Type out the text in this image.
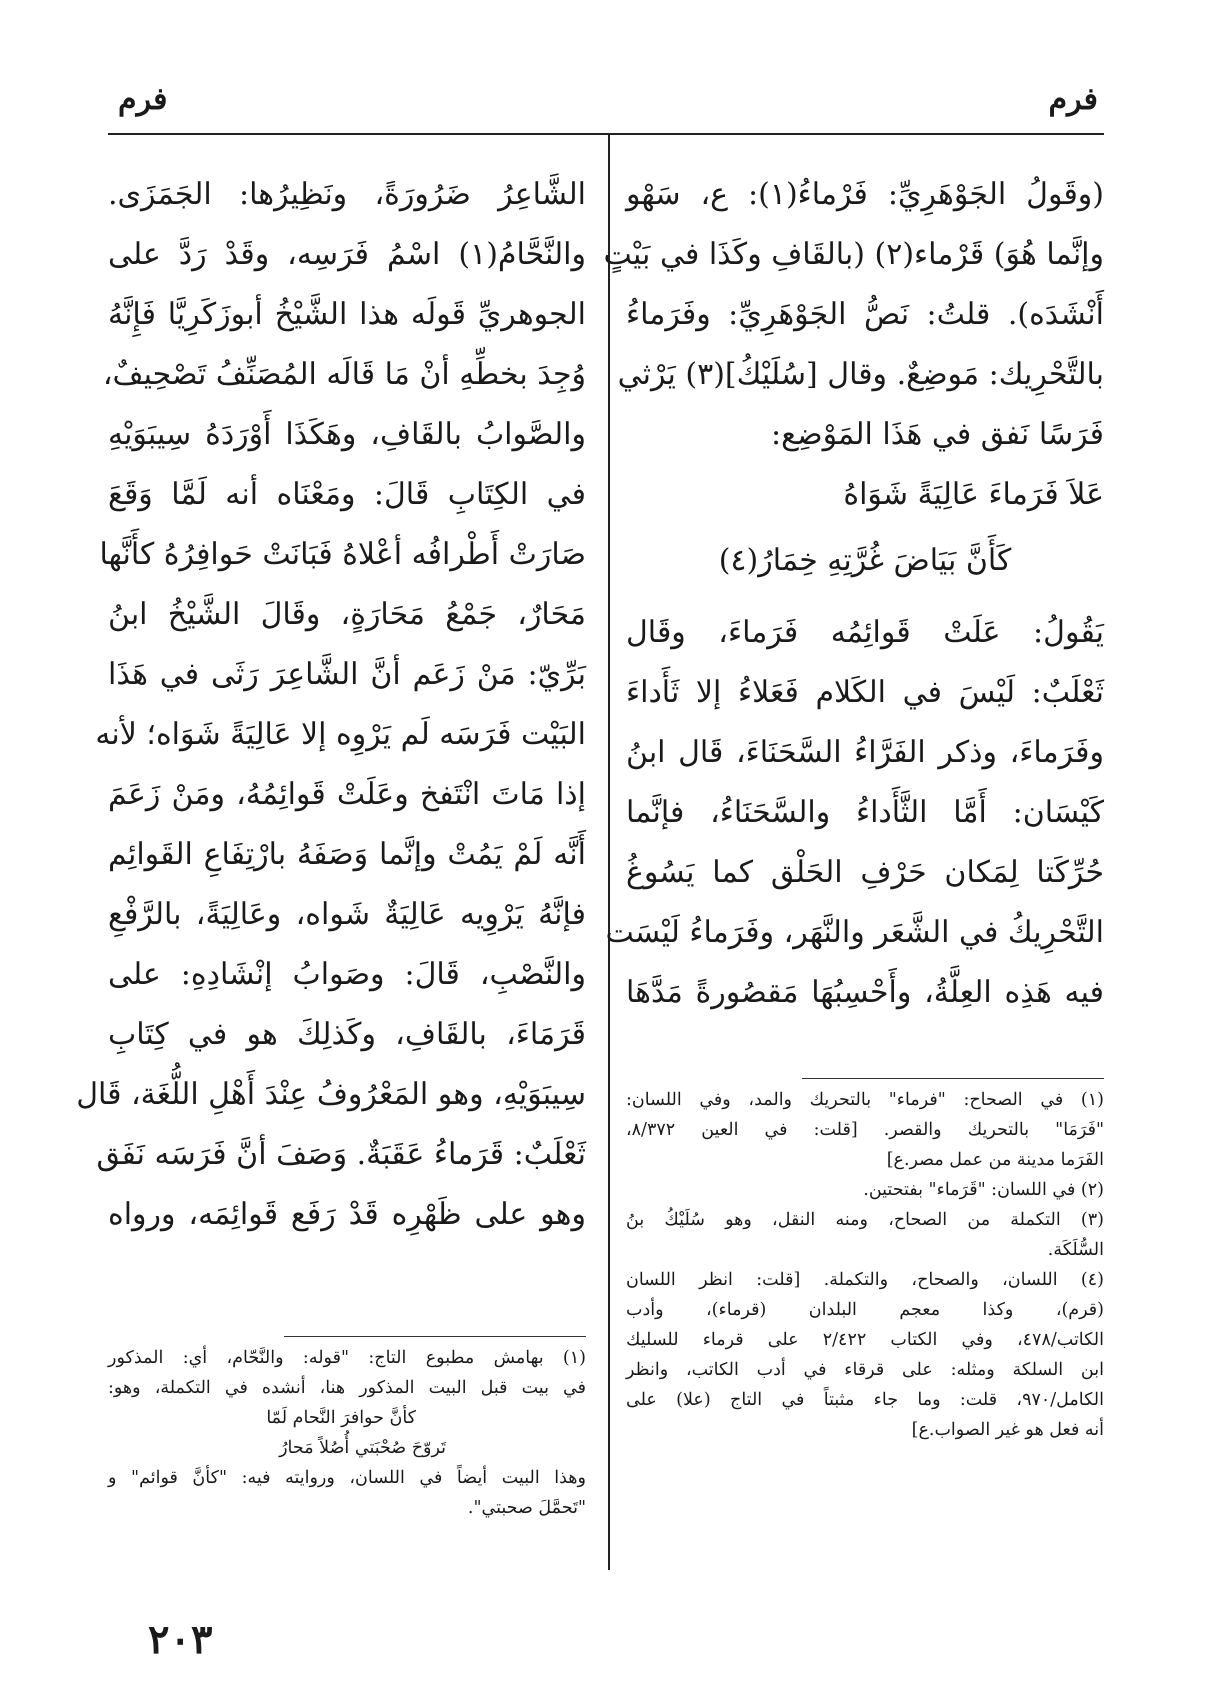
فرم
فرم
(وقَولُ الجَوْهَرِيِّ: فَرْماءُ(١): ع، سَهْو
وإنَّما هُوَ) قَرْماء(٢) (بالقَافِ وكَذَا في بَيْتٍ
أَنْشَدَه). قلتُ: نَصُّ الجَوْهَرِيِّ: وفَرَماءُ
بالتَّحْرِيك: مَوضِعٌ. وقال [سُلَيْكُ](٣) يَرْثي
فَرَسًا نَفق في هَذَا المَوْضِع:
عَلاَ فَرَماءَ عَالِيَةً شَوَاهُ
كَأَنَّ بَيَاضَ غُرَّتِهِ خِمَارُ(٤)
يَقُولُ: عَلَتْ قَوائِمُه فَرَماءَ، وقَال
ثَعْلَبٌ: لَيْسَ في الكَلام فَعَلاءُ إلا ثَأَداءَ
وفَرَماءَ، وذكر الفَرَّاءُ السَّحَنَاءَ، قَال ابنُ
كَيْسَان: أَمَّا الثَّأَداءُ والسَّحَنَاءُ، فإنَّما
حُرِّكَتا لِمَكان حَرْفِ الحَلْق كما يَسُوغُ
التَّحْرِيكُ في الشَّعَر والنَّهَر، وفَرَماءُ لَيْسَت
فيه هَذِه العِلَّةُ، وأَحْسِبُهَا مَقصُورةً مَدَّهَا
(١) في الصحاح: "فرماء" بالتحريك والمد، وفي اللسان:
"فَرَمَا" بالتحريك والقصر. [قلت: في العين ٨/٣٧٢،
الفَرَما مدينة من عمل مصر.ع]
(٢) في اللسان: "قَرَماء" بفتحتين.
(٣) التكملة من الصحاح، ومنه النقل، وهو سُلَيْكُ بنُ
السُّلَكَة.
(٤) اللسان، والصحاح، والتكملة. [قلت: انظر اللسان
(قرم)، وكذا معجم البلدان (قرماء)، وأدب
الكاتب/٤٧٨، وفي الكتاب ٢/٤٢٢ على قرماء للسليك
ابن السلكة ومثله: على قرقاء في أدب الكاتب، وانظر
الكامل/٩٧٠، قلت: وما جاء مثبتاً في التاج (علا) على
أنه فعل هو غير الصواب.ع]
الشَّاعِرُ ضَرُورَةً، ونَظِيرُها: الجَمَزَى.
والنَّحَّامُ(١) اسْمُ فَرَسِه، وقَدْ رَدَّ على
الجوهريِّ قَولَه هذا الشَّيْخُ أبوزَكَرِيَّا فَإِنَّهُ
وُجِدَ بخطِّهِ أنْ مَا قَالَه المُصَنِّفُ تَصْحِيفٌ،
والصَّوابُ بالقَافِ، وهَكَذَا أَوْرَدَهُ سِيبَوَيْهِ
في الكِتَابِ قَالَ: ومَعْنَاه أنه لَمَّا وَقَعَ
صَارَتْ أَطْرافُه أعْلاهُ فَبَانَتْ حَوافِرُهُ كأَنَّها
مَحَارٌ، جَمْعُ مَحَارَةٍ، وقَالَ الشَّيْخُ ابنُ
بَرِّيّ: مَنْ زَعَم أنَّ الشَّاعِرَ رَثَى في هَذَا
البَيْت فَرَسَه لَم يَرْوِه إلا عَالِيَةً شَوَاه؛ لأنه
إذا مَاتَ انْتَفخ وعَلَتْ قَوائِمُهُ، ومَنْ زَعَمَ
أَنَّه لَمْ يَمُتْ وإنَّما وَصَفَهُ بارْتِفَاعِ القَوائِم
فإنَّهُ يَرْوِيه عَالِيَةٌ شَواه، وعَالِيَةً، بالرَّفْعِ
والنَّصْبِ، قَالَ: وصَوابُ إنْشَادِهِ: على
قَرَمَاءَ، بالقَافِ، وكَذلِكَ هو في كِتَابِ
سِيبَوَيْهِ، وهو المَعْرُوفُ عِنْدَ أَهْلِ اللُّغَة، قَال
ثَعْلَبٌ: قَرَماءُ عَقَبَةٌ. وَصَفَ أنَّ فَرَسَه نَفَق
وهو على ظَهْرِه قَدْ رَفَع قَوائِمَه، ورواه
(١) بهامش مطبوع التاج: "قوله: والنَّحّام، أي: المذكور
في بيت قبل البيت المذكور هنا، أنشده في التكملة، وهو:
كأنَّ حوافرَ النَّحام لَمّا
تَروّحَ صُحْبَتي أُصُلاً مَحارُ
وهذا البيت أيضاً في اللسان، وروايته فيه: "كأنَّ قوائم" و
"تَحمَّلَ صحبتي".
٢٠٣
